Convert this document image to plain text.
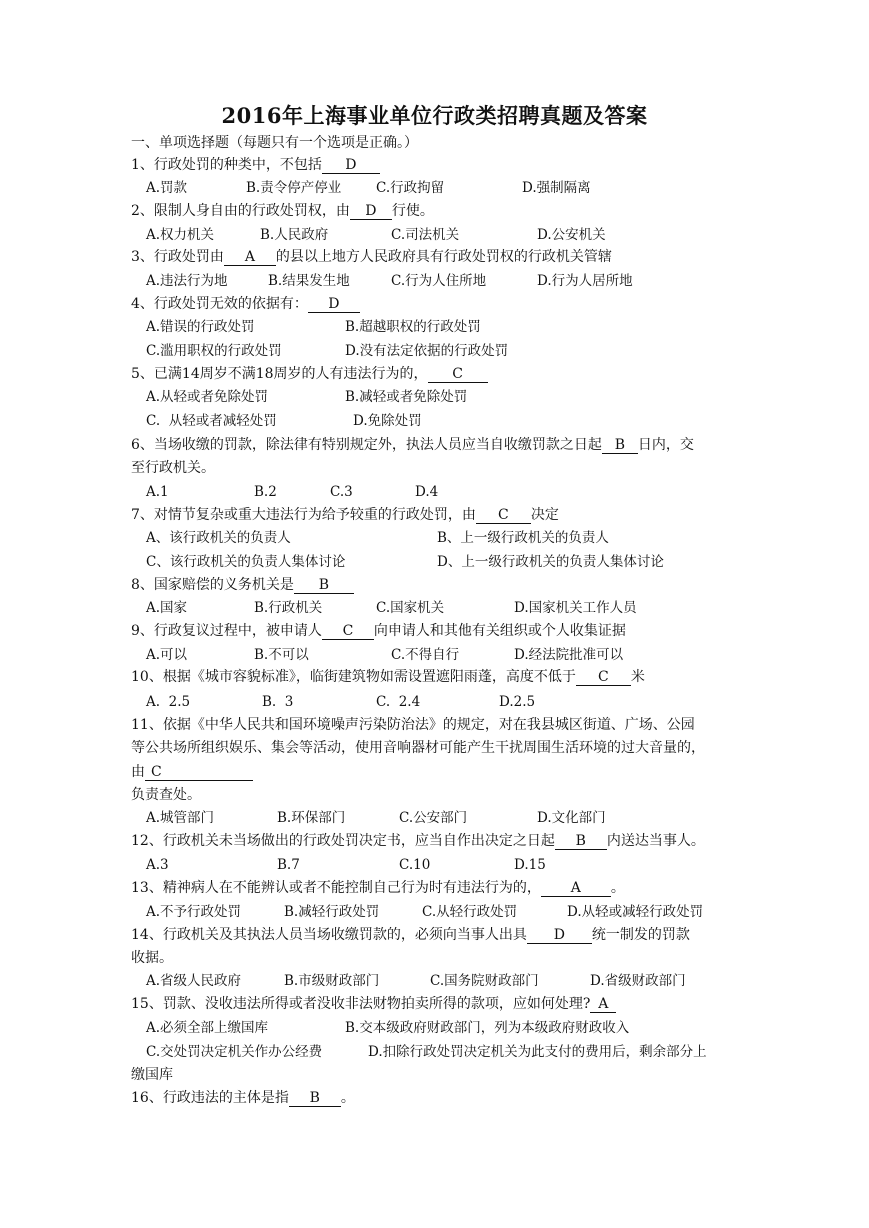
2016年上海事业单位行政类招聘真题及答案
一、单项选择题（每题只有一个选项是正确。）
1、行政处罚的种类中，不包括 D
A.罚款	B.责令停产停业	C.行政拘留	D.强制隔离
2、限制人身自由的行政处罚权，由 D 行使。
A.权力机关	B.人民政府	C.司法机关	D.公安机关
3、行政处罚由 A 的县以上地方人民政府具有行政处罚权的行政机关管辖
A.违法行为地	B.结果发生地	C.行为人住所地	D.行为人居所地
4、行政处罚无效的依据有： D
A.错误的行政处罚	B.超越职权的行政处罚
C.滥用职权的行政处罚	D.没有法定依据的行政处罚
5、已满14周岁不满18周岁的人有违法行为的， C
A.从轻或者免除处罚	B.减轻或者免除处罚
C.  从轻或者减轻处罚	D.免除处罚
6、当场收缴的罚款，除法律有特别规定外，执法人员应当自收缴罚款之日起 B 日内，交
至行政机关。
A.1	B.2	C.3	D.4
7、对情节复杂或重大违法行为给予较重的行政处罚，由 C 决定
A、该行政机关的负责人	B、上一级行政机关的负责人
C、该行政机关的负责人集体讨论	D、上一级行政机关的负责人集体讨论
8、国家赔偿的义务机关是 B
A.国家	B.行政机关	C.国家机关	D.国家机关工作人员
9、行政复议过程中，被申请人 C 向申请人和其他有关组织或个人收集证据
A.可以	B.不可以	C.不得自行	D.经法院批准可以
10、根据《城市容貌标准》，临街建筑物如需设置遮阳雨蓬，高度不低于 C 米
A.  2.5	B.  3	C.  2.4	D.2.5
11、依据《中华人民共和国环境噪声污染防治法》的规定，对在我县城区街道、广场、公园
等公共场所组织娱乐、集会等活动，使用音响器材可能产生干扰周围生活环境的过大音量的，
由 C
负责查处。
A.城管部门	B.环保部门	C.公安部门	D.文化部门
12、行政机关未当场做出的行政处罚决定书，应当自作出决定之日起 B 内送达当事人。
A.3	B.7	C.10	D.15
13、精神病人在不能辨认或者不能控制自己行为时有违法行为的， A 。
A.不予行政处罚	B.减轻行政处罚	C.从轻行政处罚	D.从轻或减轻行政处罚
14、行政机关及其执法人员当场收缴罚款的，必须向当事人出具 D 统一制发的罚款
收据。
A.省级人民政府	B.市级财政部门	C.国务院财政部门	D.省级财政部门
15、罚款、没收违法所得或者没收非法财物拍卖所得的款项，应如何处理? A
A.必须全部上缴国库	B.交本级政府财政部门，列为本级政府财政收入
C.交处罚决定机关作办公经费	D.扣除行政处罚决定机关为此支付的费用后，剩余部分上
缴国库
16、行政违法的主体是指 B 。
